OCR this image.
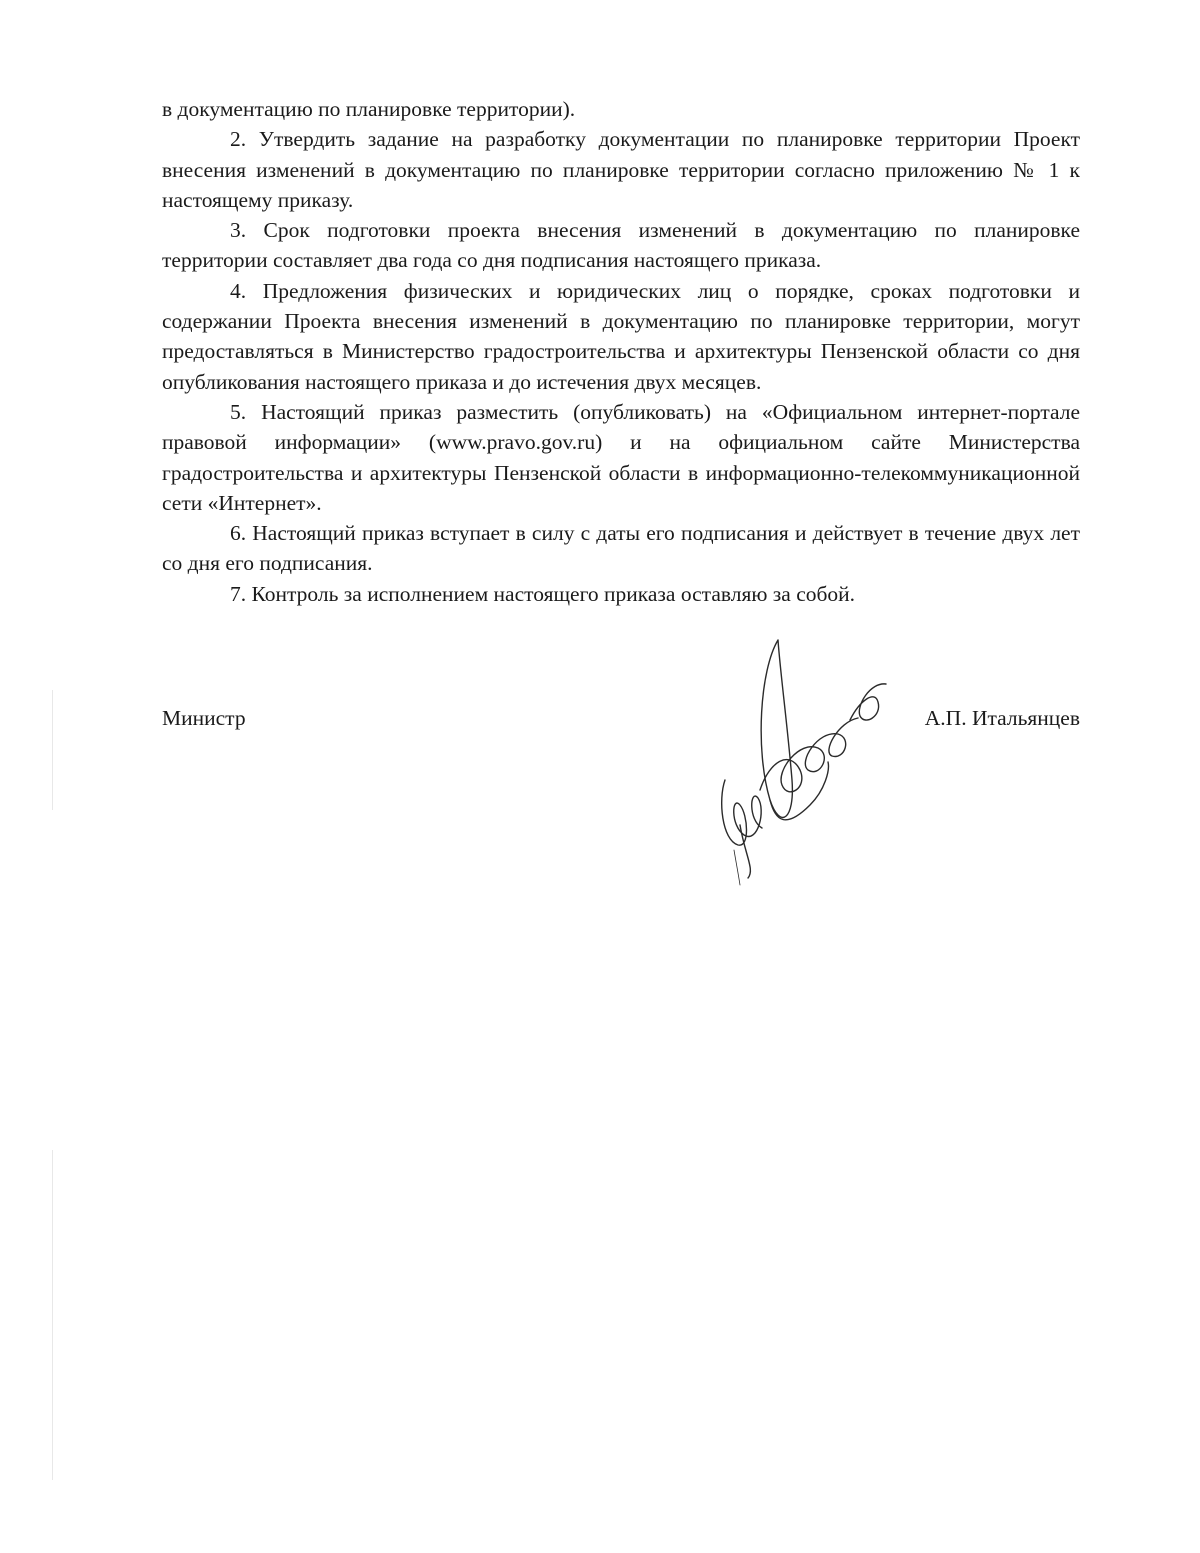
в документацию по планировке территории).

2. Утвердить задание на разработку документации по планировке территории Проект внесения изменений в документацию по планировке территории согласно приложению № 1 к настоящему приказу.

3. Срок подготовки проекта внесения изменений в документацию по планировке территории составляет два года со дня подписания настоящего приказа.

4. Предложения физических и юридических лиц о порядке, сроках подготовки и содержании Проекта внесения изменений в документацию по планировке территории, могут предоставляться в Министерство градостроительства и архитектуры Пензенской области со дня опубликования настоящего приказа и до истечения двух месяцев.

5. Настоящий приказ разместить (опубликовать) на «Официальном интернет-портале правовой информации» (www.pravo.gov.ru) и на официальном сайте Министерства градостроительства и архитектуры Пензенской области в информационно-телекоммуникационной сети «Интернет».

6. Настоящий приказ вступает в силу с даты его подписания и действует в течение двух лет со дня его подписания.

7. Контроль за исполнением настоящего приказа оставляю за собой.

Министр	А.П. Итальянцев
